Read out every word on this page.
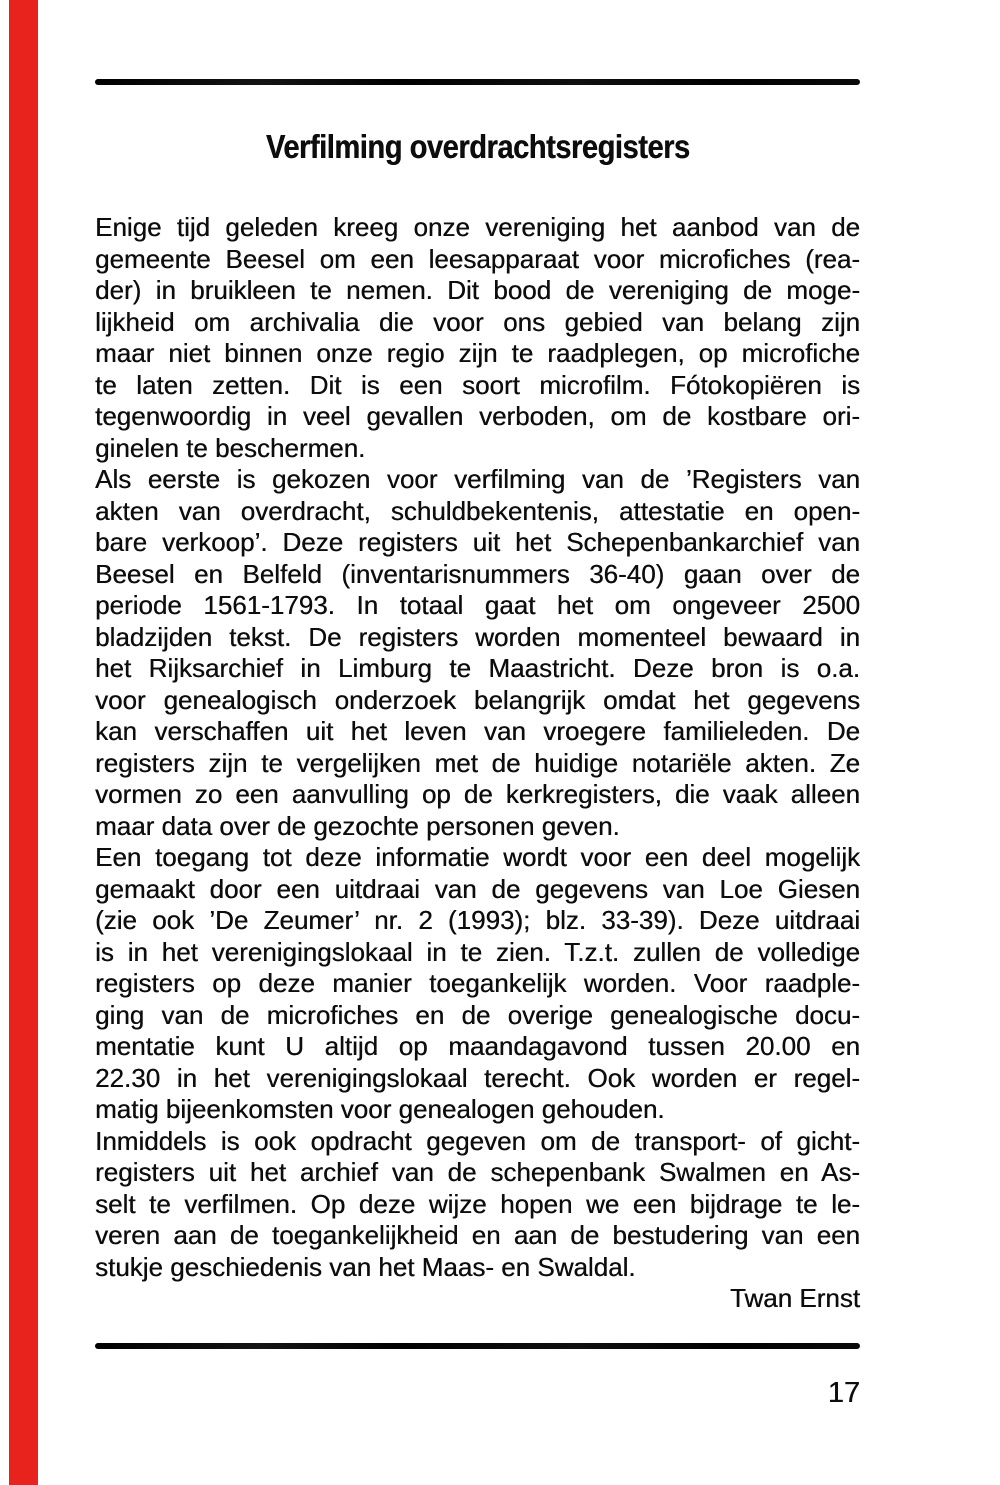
Verfilming overdrachtsregisters
Enige tijd geleden kreeg onze vereniging het aanbod van de
gemeente Beesel om een leesapparaat voor microfiches (rea-
der) in bruikleen te nemen. Dit bood de vereniging de moge-
lijkheid om archivalia die voor ons gebied van belang zijn
maar niet binnen onze regio zijn te raadplegen, op microfiche
te laten zetten. Dit is een soort microfilm. Fótokopiëren is
tegenwoordig in veel gevallen verboden, om de kostbare ori-
ginelen te beschermen.
Als eerste is gekozen voor verfilming van de ’Registers van
akten van overdracht, schuldbekentenis, attestatie en open-
bare verkoop’. Deze registers uit het Schepenbankarchief van
Beesel en Belfeld (inventarisnummers 36-40) gaan over de
periode 1561-1793. In totaal gaat het om ongeveer 2500
bladzijden tekst. De registers worden momenteel bewaard in
het Rijksarchief in Limburg te Maastricht. Deze bron is o.a.
voor genealogisch onderzoek belangrijk omdat het gegevens
kan verschaffen uit het leven van vroegere familieleden. De
registers zijn te vergelijken met de huidige notariële akten. Ze
vormen zo een aanvulling op de kerkregisters, die vaak alleen
maar data over de gezochte personen geven.
Een toegang tot deze informatie wordt voor een deel mogelijk
gemaakt door een uitdraai van de gegevens van Loe Giesen
(zie ook ’De Zeumer’ nr. 2 (1993); blz. 33-39). Deze uitdraai
is in het verenigingslokaal in te zien. T.z.t. zullen de volledige
registers op deze manier toegankelijk worden. Voor raadple-
ging van de microfiches en de overige genealogische docu-
mentatie kunt U altijd op maandagavond tussen 20.00 en
22.30 in het verenigingslokaal terecht. Ook worden er regel-
matig bijeenkomsten voor genealogen gehouden.
Inmiddels is ook opdracht gegeven om de transport- of gicht-
registers uit het archief van de schepenbank Swalmen en As-
selt te verfilmen. Op deze wijze hopen we een bijdrage te le-
veren aan de toegankelijkheid en aan de bestudering van een
stukje geschiedenis van het Maas- en Swaldal.
Twan Ernst
17
